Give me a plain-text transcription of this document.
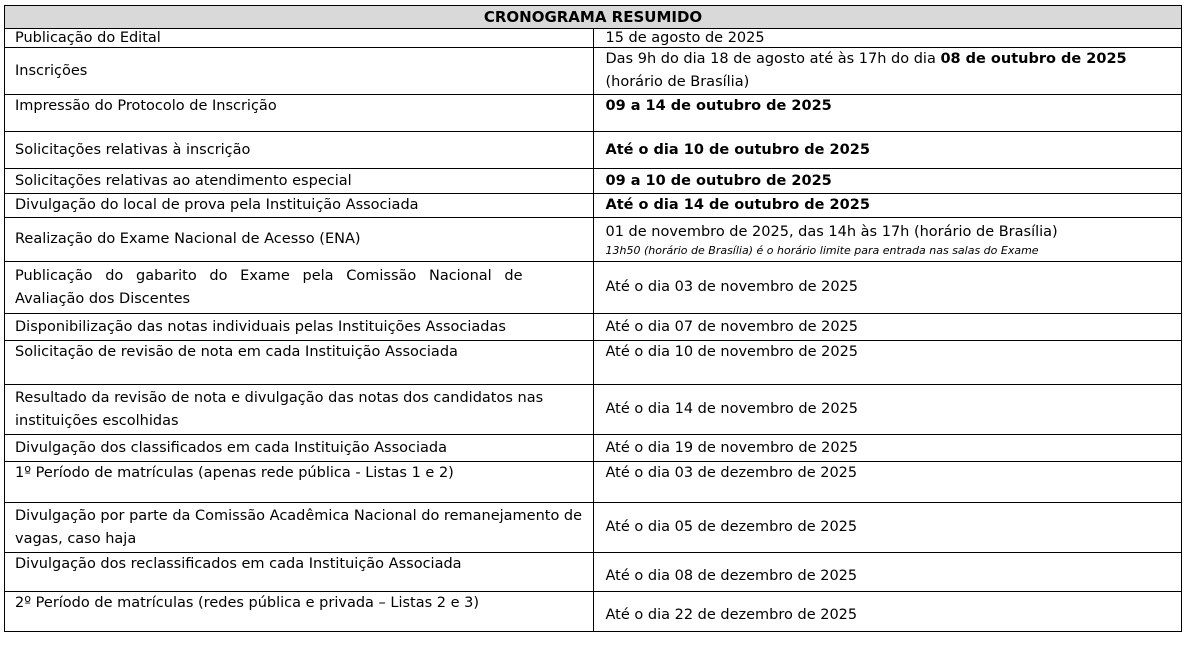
CRONOGRAMA RESUMIDO	
Publicação do Edital	15 de agosto de 2025
Inscrições	Das 9h do dia 18 de agosto até às 17h do dia 08 de outubro de 2025
(horário de Brasília)
Impressão do Protocolo de Inscrição	09 a 14 de outubro de 2025
Solicitações relativas à inscrição	Até o dia 10 de outubro de 2025
Solicitações relativas ao atendimento especial	09 a 10 de outubro de 2025
Divulgação do local de prova pela Instituição Associada	Até o dia 14 de outubro de 2025
Realização do Exame Nacional de Acesso (ENA)	01 de novembro de 2025, das 14h às 17h (horário de Brasília)
13h50 (horário de Brasília) é o horário limite para entrada nas salas do Exame

Publicação do gabarito do Exame pela Comissão Nacional de Avaliação dos Discentes	Até o dia 03 de novembro de 2025
Disponibilização das notas individuais pelas Instituições Associadas	Até o dia 07 de novembro de 2025
Solicitação de revisão de nota em cada Instituição Associada	Até o dia 10 de novembro de 2025
Resultado da revisão de nota e divulgação das notas dos candidatos nas instituições escolhidas	Até o dia 14 de novembro de 2025
Divulgação dos classificados em cada Instituição Associada	Até o dia 19 de novembro de 2025
1º Período de matrículas (apenas rede pública - Listas 1 e 2)	Até o dia 03 de dezembro de 2025
Divulgação por parte da Comissão Acadêmica Nacional do remanejamento de vagas, caso haja	Até o dia 05 de dezembro de 2025
Divulgação dos reclassificados em cada Instituição Associada	Até o dia 08 de dezembro de 2025
2º Período de matrículas (redes pública e privada – Listas 2 e 3)	Até o dia 22 de dezembro de 2025
